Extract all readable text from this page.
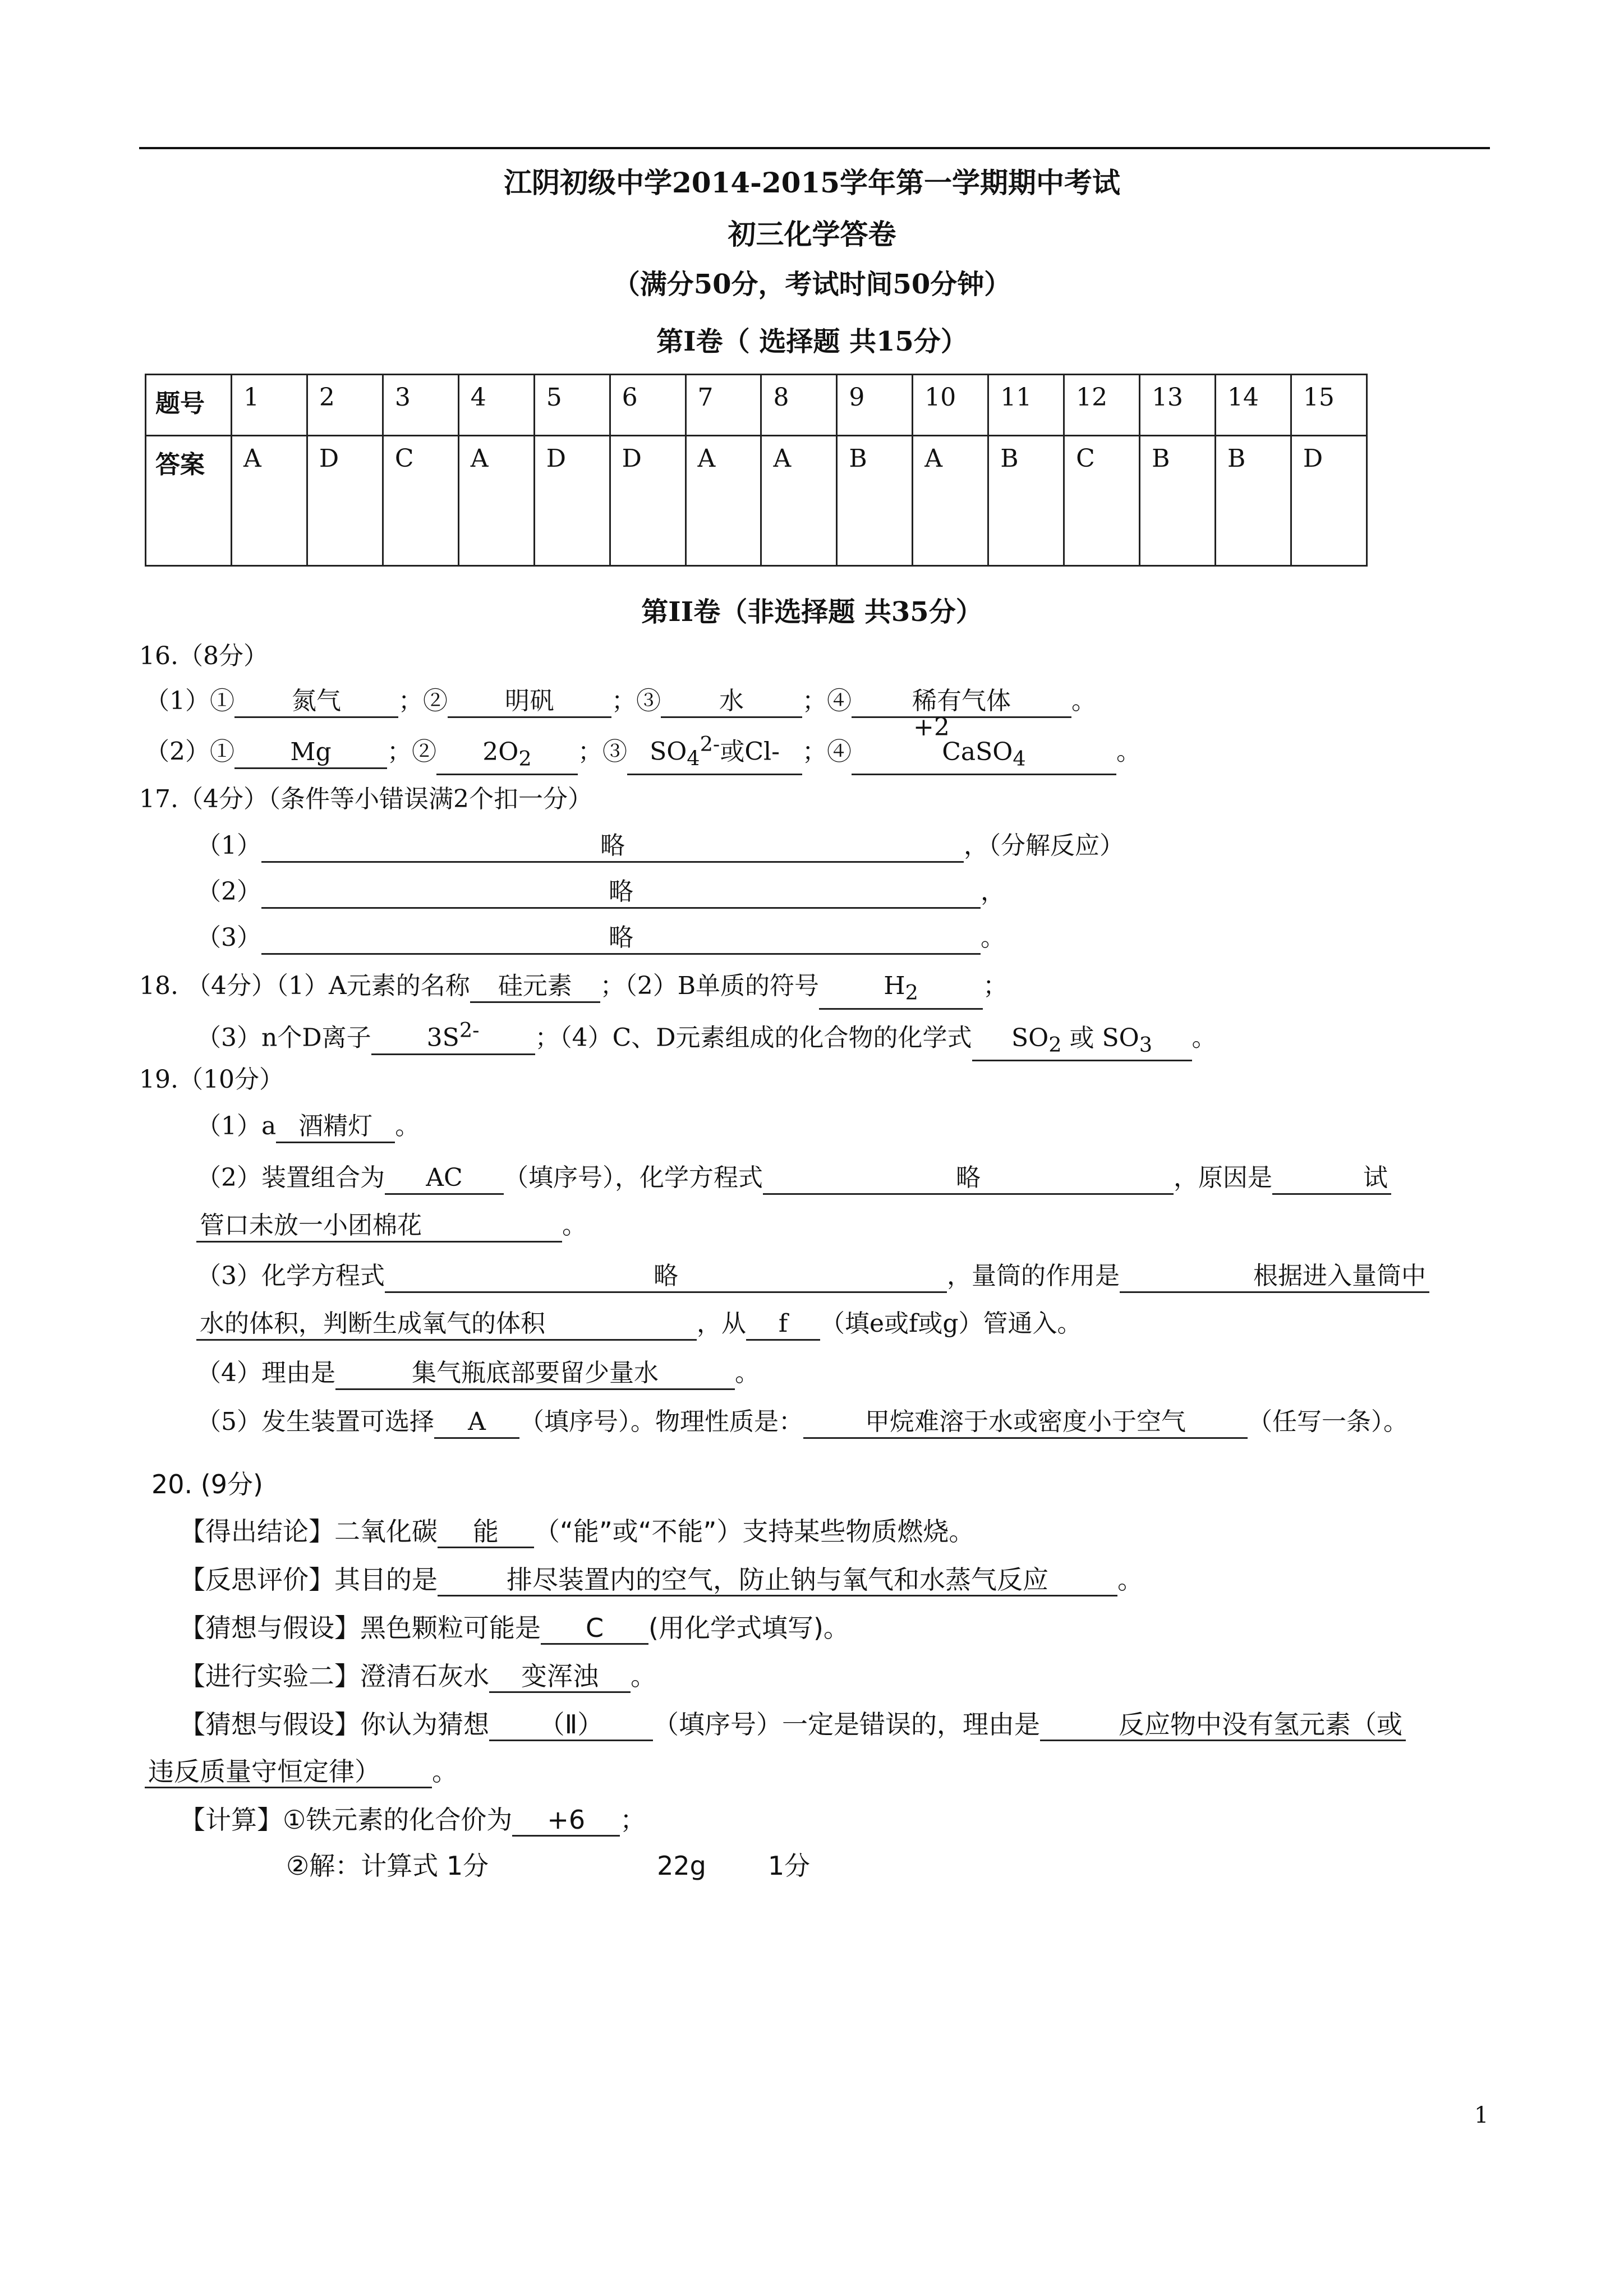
江阴初级中学2014-2015学年第一学期期中考试
初三化学答卷
（满分50分，考试时间50分钟）
第Ⅰ卷（ 选择题 共15分）
题号	1	2	3	4	5	6	7	8	9	10	11	12	13	14	15
答案	A	D	C	A	D	D	A	A	B	A	B	C	B	B	D
第II卷（非选择题 共35分）
16.（8分）
（1）① 氮气 ；② 明矾 ；③ 水 ；④ 稀有气体 。
（2）① Mg ；② $2O_2$ ；③ $SO_4^{2-}$或Cl- ；④
+2
CaSO$_4$	。
17.（4分）（条件等小错误满2个扣一分）
（1）	略	，（分解反应）
（2）	略	，
（3）	略	。
18. （4分）（1）A元素的名称 硅元素 ；（2）B单质的符号	$H_2$	；
（3）n个D离子 $3S^{2-}$ ；（4）C、D元素组成的化合物的化学式 $SO_2$ 或 $SO_3$ 。
19.（10分）
（1）a 酒精灯 。
（2）装置组合为 AC （填序号），化学方程式	略	，原因是	试
管口未放一小团棉花	。
（3）化学方程式	略	，量筒的作用是	根据进入量筒中
水的体积，判断生成氧气的体积	，从 f （填e或f或g）管通入。
（4）理由是	集气瓶底部要留少量水	。
（5）发生装置可选择 A （填序号）。物理性质是：	甲烷难溶于水或密度小于空气	（任写一条）。
20. (9分)
【得出结论】二氧化碳 能 （“能”或“不能”）支持某些物质燃烧。
【反思评价】其目的是	排尽装置内的空气，防止钠与氧气和水蒸气反应	。
【猜想与假设】黑色颗粒可能是 C (用化学式填写)。
【进行实验二】澄清石灰水 变浑浊 。
【猜想与假设】你认为猜想 （Ⅱ） （填序号）一定是错误的，理由是	反应物中没有氢元素（或
违反质量守恒定律） 。
【计算】①铁元素的化合价为 +6 ；
②解：计算式 1分	22g 1分
1
